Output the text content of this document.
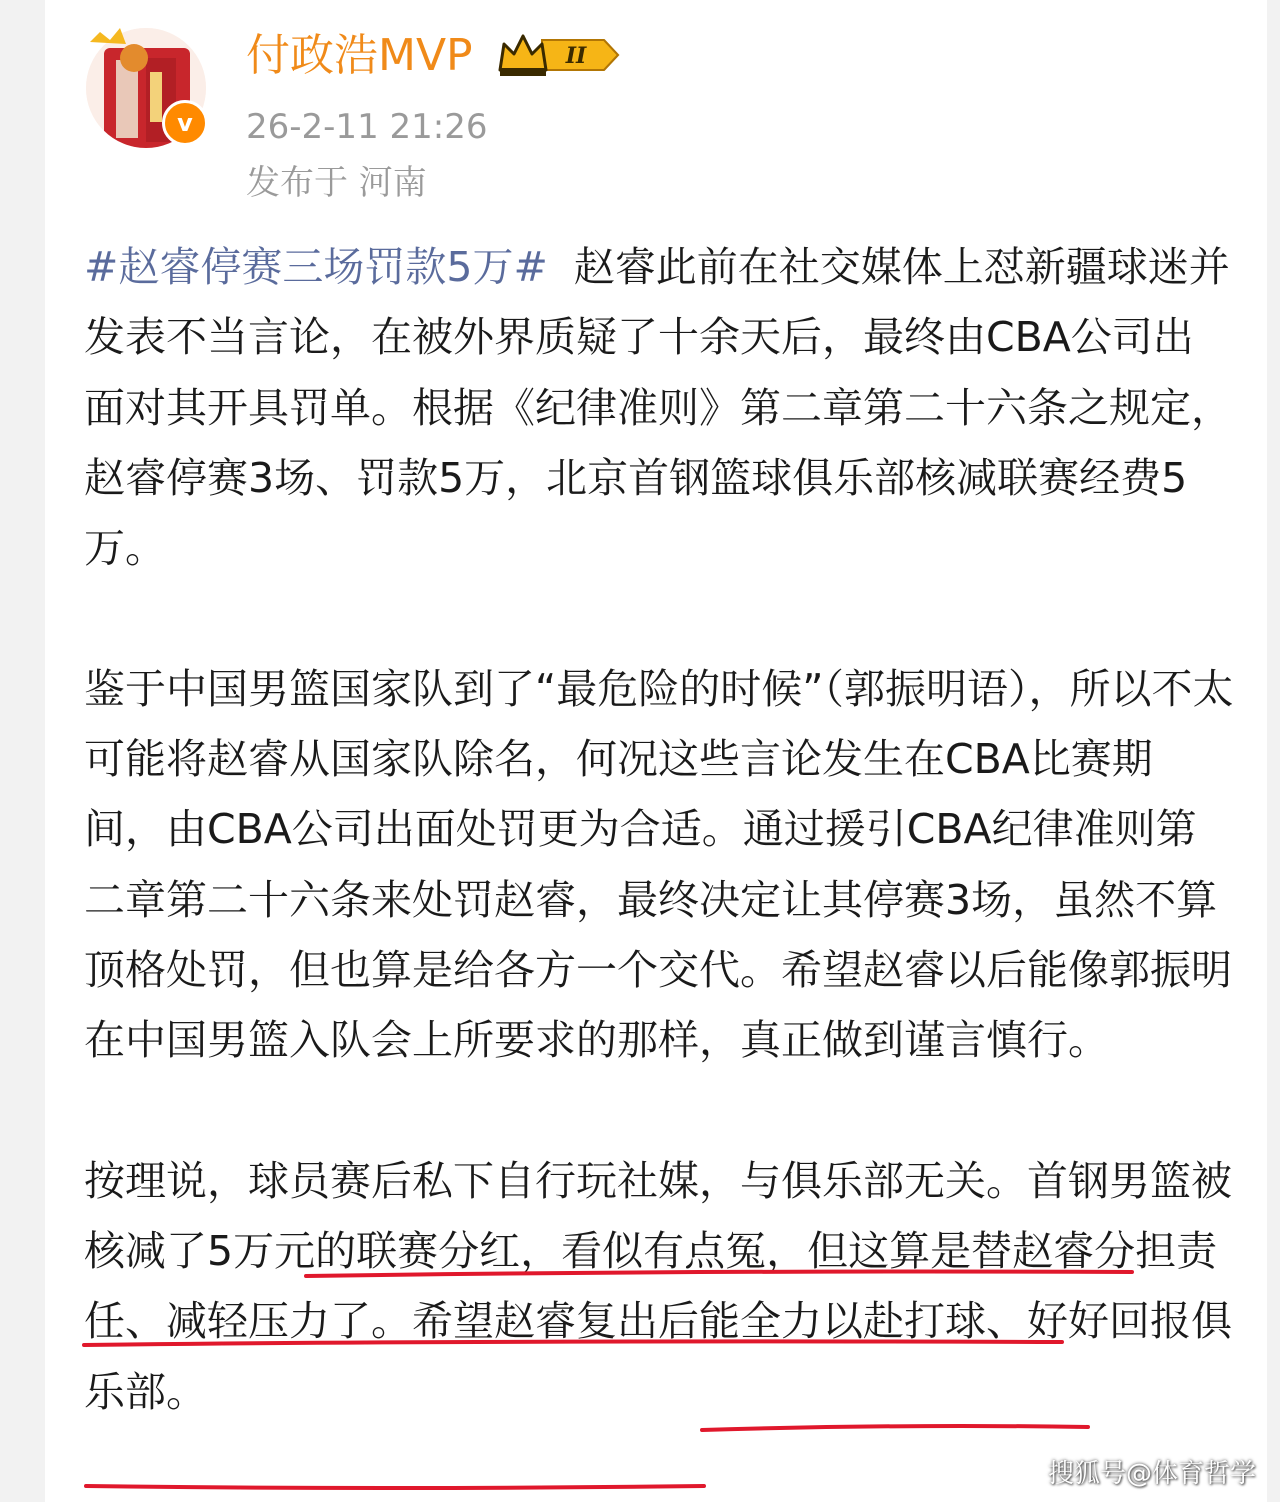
v
付政浩MVP	II
26-2-11 21:26
发布于 河南

#赵睿停赛三场罚款5万# 赵睿此前在社交媒体上怼新疆球迷并发表不当言论，在被外界质疑了十余天后，最终由CBA公司出面对其开具罚单。根据《纪律准则》第二章第二十六条之规定，赵睿停赛3场、罚款5万，北京首钢篮球俱乐部核减联赛经费5万。

鉴于中国男篮国家队到了“最危险的时候”（郭振明语），所以不太可能将赵睿从国家队除名，何况这些言论发生在CBA比赛期间，由CBA公司出面处罚更为合适。通过援引CBA纪律准则第二章第二十六条来处罚赵睿，最终决定让其停赛3场，虽然不算顶格处罚，但也算是给各方一个交代。希望赵睿以后能像郭振明在中国男篮入队会上所要求的那样，真正做到谨言慎行。

按理说，球员赛后私下自行玩社媒，与俱乐部无关。首钢男篮被核减了5万元的联赛分红，看似有点冤，但这算是替赵睿分担责任、减轻压力了。希望赵睿复出后能全力以赴打球、好好回报俱乐部。

搜狐号@体育哲学
